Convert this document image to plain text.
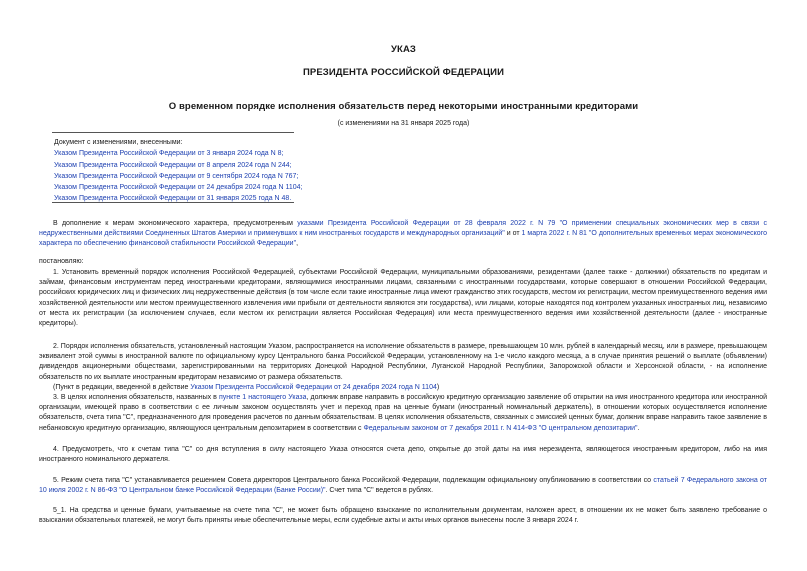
УКАЗ
ПРЕЗИДЕНТА РОССИЙСКОЙ ФЕДЕРАЦИИ
О временном порядке исполнения обязательств перед некоторыми иностранными кредиторами
(с изменениями на 31 января 2025 года)
Документ с изменениями, внесенными:
Указом Президента Российской Федерации от 3 января 2024 года N 8;
Указом Президента Российской Федерации от 8 апреля 2024 года N 244;
Указом Президента Российской Федерации от 9 сентября 2024 года N 767;
Указом Президента Российской Федерации от 24 декабря 2024 года N 1104;
Указом Президента Российской Федерации от 31 января 2025 года N 48.
В дополнение к мерам экономического характера, предусмотренным указами Президента Российской Федерации от 28 февраля 2022 г. N 79 "О применении специальных экономических мер в связи с недружественными действиями Соединенных Штатов Америки и примкнувших к ним иностранных государств и международных организаций" и от 1 марта 2022 г. N 81 "О дополнительных временных мерах экономического характера по обеспечению финансовой стабильности Российской Федерации",
постановляю:
1. Установить временный порядок исполнения Российской Федерацией, субъектами Российской Федерации, муниципальными образованиями, резидентами (далее также - должники) обязательств по кредитам и займам, финансовым инструментам перед иностранными кредиторами, являющимися иностранными лицами, связанными с иностранными государствами, которые совершают в отношении Российской Федерации, российских юридических лиц и физических лиц недружественные действия (в том числе если такие иностранные лица имеют гражданство этих государств, местом их регистрации, местом преимущественного ведения ими хозяйственной деятельности или местом преимущественного извлечения ими прибыли от деятельности являются эти государства), или лицами, которые находятся под контролем указанных иностранных лиц, независимо от места их регистрации (за исключением случаев, если местом их регистрации является Российская Федерация) или места преимущественного ведения ими хозяйственной деятельности (далее - иностранные кредиторы).
2. Порядок исполнения обязательств, установленный настоящим Указом, распространяется на исполнение обязательств в размере, превышающем 10 млн. рублей в календарный месяц, или в размере, превышающем эквивалент этой суммы в иностранной валюте по официальному курсу Центрального банка Российской Федерации, установленному на 1-е число каждого месяца, а в случае принятия решений о выплате (объявлении) дивидендов акционерными обществами, зарегистрированными на территориях Донецкой Народной Республики, Луганской Народной Республики, Запорожской области и Херсонской области, - на исполнение обязательств по их выплате иностранным кредиторам независимо от размера обязательств.
(Пункт в редакции, введенной в действие Указом Президента Российской Федерации от 24 декабря 2024 года N 1104)
3. В целях исполнения обязательств, названных в пункте 1 настоящего Указа, должник вправе направить в российскую кредитную организацию заявление об открытии на имя иностранного кредитора или иностранной организации, имеющей право в соответствии с ее личным законом осуществлять учет и переход прав на ценные бумаги (иностранный номинальный держатель), в отношении которых осуществляется исполнение обязательств, счета типа "С", предназначенного для проведения расчетов по данным обязательствам. В целях исполнения обязательств, связанных с эмиссией ценных бумаг, должник вправе направить такое заявление в небанковскую кредитную организацию, являющуюся центральным депозитарием в соответствии с Федеральным законом от 7 декабря 2011 г. N 414-ФЗ "О центральном депозитарии".
4. Предусмотреть, что к счетам типа "С" со дня вступления в силу настоящего Указа относятся счета депо, открытые до этой даты на имя нерезидента, являющегося иностранным кредитором, либо на имя иностранного номинального держателя.
5. Режим счета типа "С" устанавливается решением Совета директоров Центрального банка Российской Федерации, подлежащим официальному опубликованию в соответствии со статьей 7 Федерального закона от 10 июля 2002 г. N 86-ФЗ "О Центральном банке Российской Федерации (Банке России)". Счет типа "С" ведется в рублях.
5_1. На средства и ценные бумаги, учитываемые на счете типа "С", не может быть обращено взыскание по исполнительным документам, наложен арест, в отношении их не может быть заявлено требование о взыскании обязательных платежей, не могут быть приняты иные обеспечительные меры, если судебные акты и акты иных органов вынесены после 3 января 2024 г.
